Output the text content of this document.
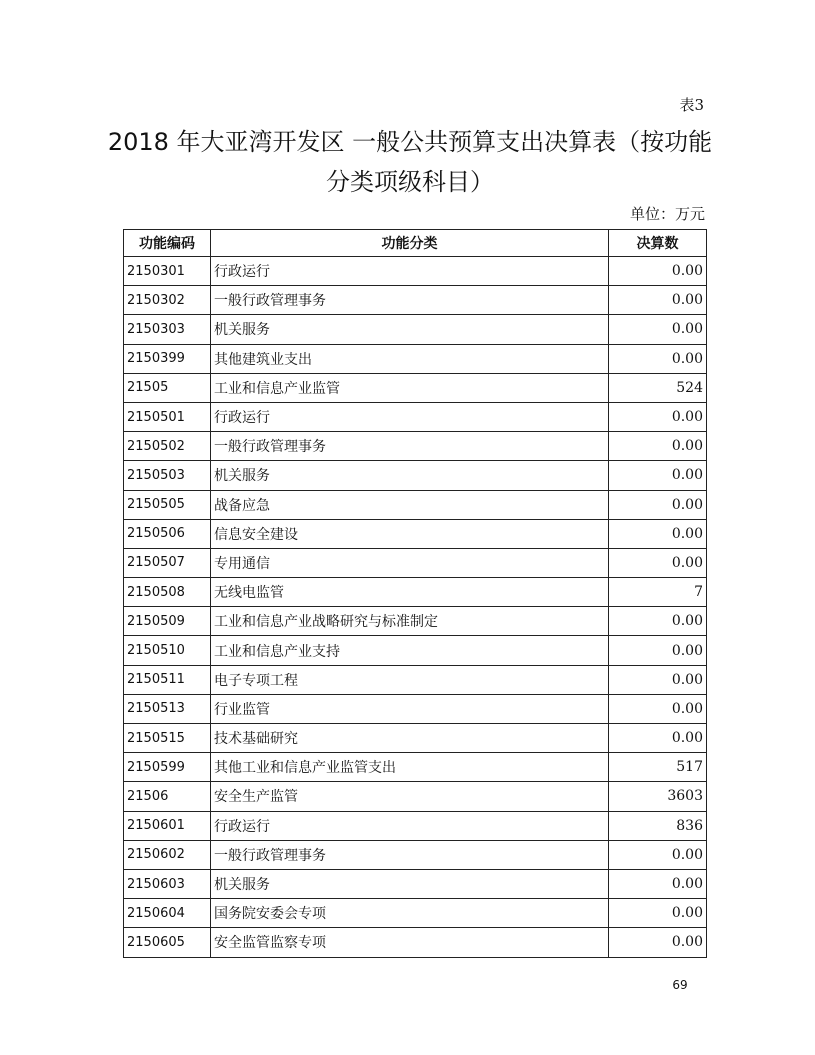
表3
2018 年大亚湾开发区 一般公共预算支出决算表（按功能分类项级科目）
单位：万元
功能编码	功能分类	决算数
2150301	行政运行	0.00
2150302	一般行政管理事务	0.00
2150303	机关服务	0.00
2150399	其他建筑业支出	0.00
21505	工业和信息产业监管	524
2150501	行政运行	0.00
2150502	一般行政管理事务	0.00
2150503	机关服务	0.00
2150505	战备应急	0.00
2150506	信息安全建设	0.00
2150507	专用通信	0.00
2150508	无线电监管	7
2150509	工业和信息产业战略研究与标准制定	0.00
2150510	工业和信息产业支持	0.00
2150511	电子专项工程	0.00
2150513	行业监管	0.00
2150515	技术基础研究	0.00
2150599	其他工业和信息产业监管支出	517
21506	安全生产监管	3603
2150601	行政运行	836
2150602	一般行政管理事务	0.00
2150603	机关服务	0.00
2150604	国务院安委会专项	0.00
2150605	安全监管监察专项	0.00
69
